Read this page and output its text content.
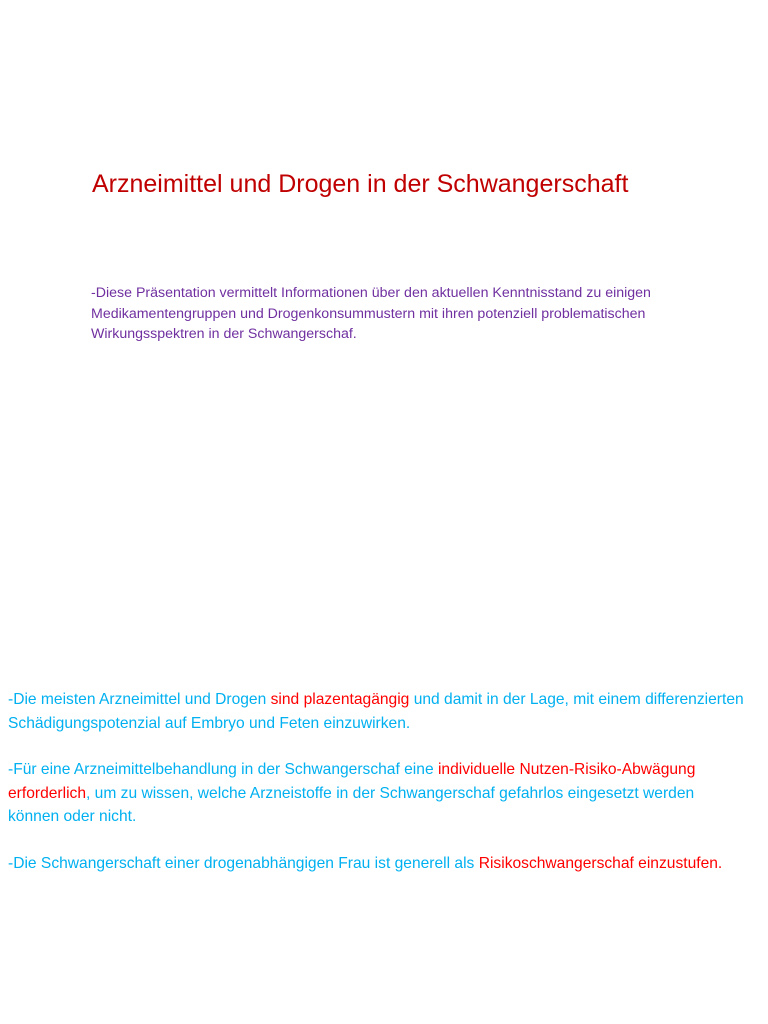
Arzneimittel und Drogen in der Schwangerschaft

-Diese Präsentation vermittelt Informationen über den aktuellen Kenntnisstand zu einigen Medikamentengruppen und Drogenkonsummustern mit ihren potenziell problematischen Wirkungsspektren in der Schwangerschaf.

-Die meisten Arzneimittel und Drogen sind plazentagängig und damit in der Lage, mit einem differenzierten Schädigungspotenzial auf Embryo und Feten einzuwirken.

-Für eine Arzneimittelbehandlung in der Schwangerschaf eine individuelle Nutzen-Risiko-Abwägung erforderlich, um zu wissen, welche Arzneistoffe in der Schwangerschaf gefahrlos eingesetzt werden können oder nicht.

-Die Schwangerschaft einer drogenabhängigen Frau ist generell als Risikoschwangerschaf einzustufen.
